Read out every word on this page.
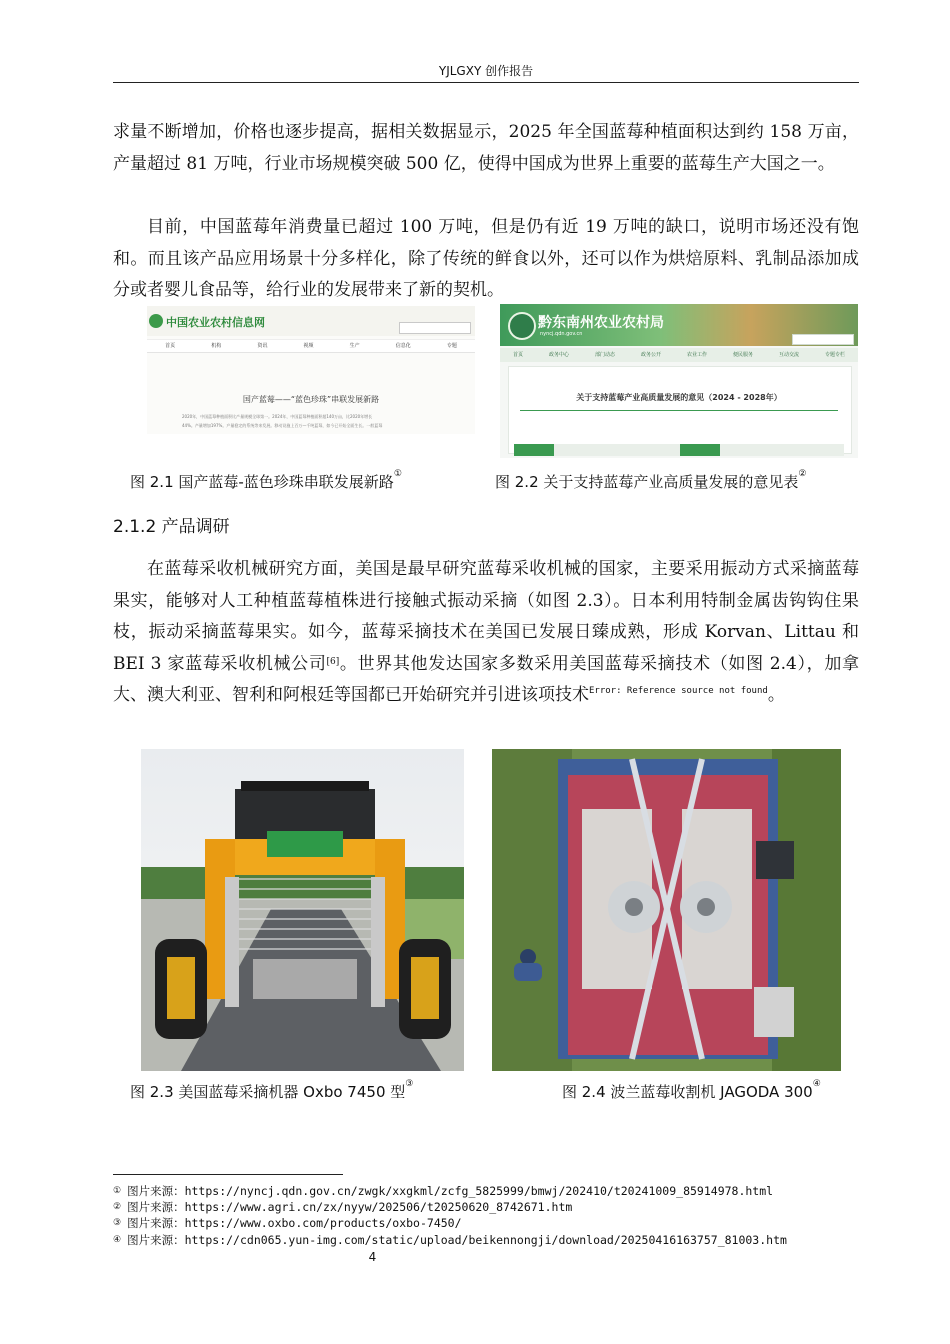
YJLGXY 创作报告

求量不断增加，价格也逐步提高，据相关数据显示，2025 年全国蓝莓种植面积达到约 158 万亩，产量超过 81 万吨，行业市场规模突破 500 亿，使得中国成为世界上重要的蓝莓生产大国之一。

目前，中国蓝莓年消费量已超过 100 万吨，但是仍有近 19 万吨的缺口，说明市场还没有饱和。而且该产品应用场景十分多样化，除了传统的鲜食以外，还可以作为烘焙原料、乳制品添加成分或者婴儿食品等，给行业的发展带来了新的契机。

中国农业农村信息网
首页	机构	资讯	视频	生产	信息化	专题
国产蓝莓——“蓝色珍珠”串联发展新路
2020年，中国蓝莓种植面积比产量规模全球第一。2024年，中国蓝莓种植面积超140万亩，比2020年增长
44%。产量增加197%。产量稳定的系统等来发展。移动设施上百万—千吨蓝莓，如今已开始全面生长。一般蓝莓
黔东南州农业农村局
nyncj.qdn.gov.cn
首页	政务中心	部门动态	政务公开	农业工作	便民服务	互动交流	专题专栏
关于支持蓝莓产业高质量发展的意见（2024 - 2028年）
图 2.1 国产蓝莓-蓝色珍珠串联发展新路①	图 2.2 关于支持蓝莓产业高质量发展的意见表②
2.1.2 产品调研

在蓝莓采收机械研究方面，美国是最早研究蓝莓采收机械的国家，主要采用振动方式采摘蓝莓果实，能够对人工种植蓝莓植株进行接触式振动采摘（如图 2.3）。日本利用特制金属齿钩钩住果枝，振动采摘蓝莓果实。如今，蓝莓采摘技术在美国已发展日臻成熟，形成 Korvan、Littau 和 BEI 3 家蓝莓采收机械公司[6]。世界其他发达国家多数采用美国蓝莓采摘技术（如图 2.4），加拿大、澳大利亚、智利和阿根廷等国都已开始研究并引进该项技术$^{Error: Reference source not found}$。

图 2.3 美国蓝莓采摘机器 Oxbo 7450 型③	图 2.4 波兰蓝莓收割机 JAGODA 300④
① 图片来源：https://nyncj.qdn.gov.cn/zwgk/xxgkml/zcfg_5825999/bmwj/202410/t20241009_85914978.html
② 图片来源：https://www.agri.cn/zx/nyyw/202506/t20250620_8742671.htm
③ 图片来源：https://www.oxbo.com/products/oxbo-7450/
④ 图片来源：https://cdn065.yun-img.com/static/upload/beikennongji/download/20250416163757_81003.htm
4
